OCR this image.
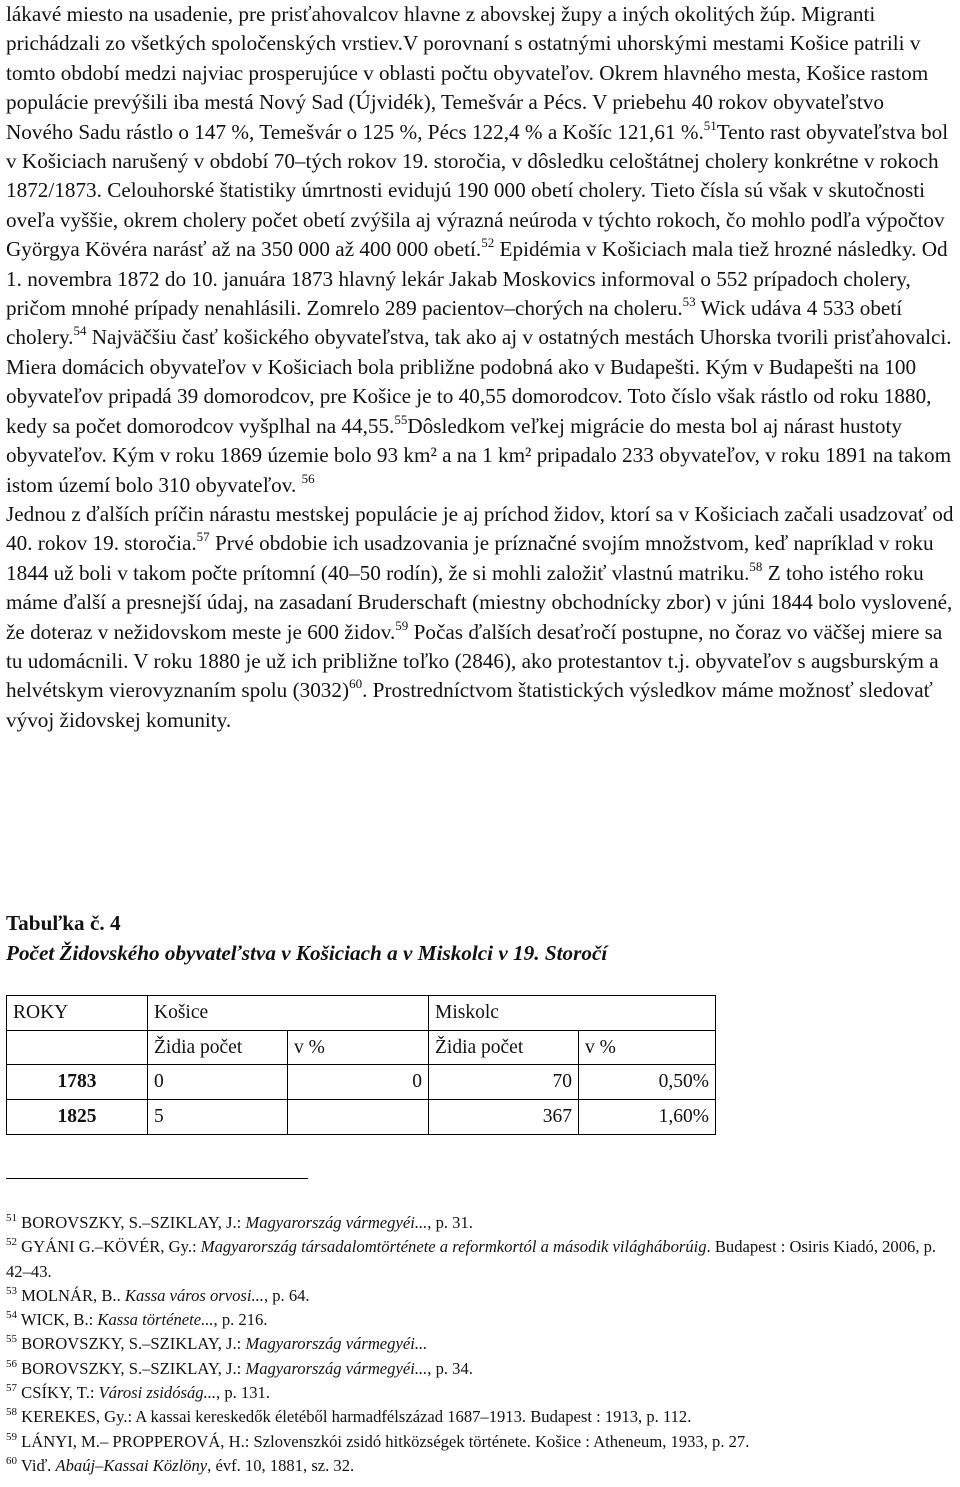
lákavé miesto na usadenie, pre prisťahovalcov hlavne z abovskej župy a iných okolitých žúp. Migranti prichádzali zo všetkých spoločenských vrstiev.V porovnaní s ostatnými uhorskými mestami Košice patrili v tomto období medzi najviac prosperujúce v oblasti počtu obyvateľov. Okrem hlavného mesta, Košice rastom populácie prevýšili iba mestá Nový Sad (Újvidék), Temešvár a Pécs. V priebehu 40 rokov obyvateľstvo Nového Sadu rástlo o 147 %, Temešvár o 125 %, Pécs 122,4 % a Košíc 121,61 %.$^{51}$Tento rast obyvateľstva bol v Košiciach narušený v období 70–tých rokov 19. storočia, v dôsledku celoštátnej cholery konkrétne v rokoch 1872/1873. Celouhorské štatistiky úmrtnosti evidujú 190 000 obetí cholery. Tieto čísla sú však v skutočnosti oveľa vyššie, okrem cholery počet obetí zvýšila aj výrazná neúroda v týchto rokoch, čo mohlo podľa výpočtov Györgya Kövéra narásť až na 350 000 až 400 000 obetí.$^{52}$ Epidémia v Košiciach mala tiež hrozné následky. Od 1. novembra 1872 do 10. januára 1873 hlavný lekár Jakab Moskovics informoval o 552 prípadoch cholery, pričom mnohé prípady nenahlásili. Zomrelo 289 pacientov–chorých na choleru.$^{53}$ Wick udáva 4 533 obetí cholery.$^{54}$ Najväčšiu časť košického obyvateľstva, tak ako aj v ostatných mestách Uhorska tvorili prisťahovalci. Miera domácich obyvateľov v Košiciach bola približne podobná ako v Budapešti. Kým v Budapešti na 100 obyvateľov pripadá 39 domorodcov, pre Košice je to 40,55 domorodcov. Toto číslo však rástlo od roku 1880, kedy sa počet domorodcov vyšplhal na 44,55.55Dôsledkom veľkej migrácie do mesta bol aj nárast hustoty obyvateľov. Kým v roku 1869 územie bolo 93 km² a na 1 km² pripadalo 233 obyvateľov, v roku 1891 na takom istom území bolo 310 obyvateľov. $^{56}$

Jednou z ďalších príčin nárastu mestskej populácie je aj príchod židov, ktorí sa v Košiciach začali usadzovať od 40. rokov 19. storočia.$^{57}$ Prvé obdobie ich usadzovania je príznačné svojím množstvom, keď napríklad v roku 1844 už boli v takom počte prítomní (40–50 rodín), že si mohli založiť vlastnú matriku.$^{58}$ Z toho istého roku máme ďalší a presnejší údaj, na zasadaní Bruderschaft (miestny obchodnícky zbor) v júni 1844 bolo vyslovené, že doteraz v nežidovskom meste je 600 židov.$^{59}$ Počas ďalších desaťročí postupne, no čoraz vo väčšej miere sa tu udomácnili. V roku 1880 je už ich približne toľko (2846), ako protestantov t.j. obyvateľov s augsburským a helvétskym vierovyznaním spolu $(3032)^{60}$. Prostredníctvom štatistických výsledkov máme možnosť sledovať vývoj židovskej komunity.

Tabuľka č. 4
Počet Židovského obyvateľstva v Košiciach a v Miskolci v 19. Storočí
ROKY	Košice		Miskolc	
	Židia počet	v %	Židia počet	v %
1783	0	0	70	0,50%
1825	5		367	1,60%

$^{51}$ BOROVSZKY, S.–SZIKLAY, J.: Magyarország vármegyéi..., p. 31.

$^{52}$ GYÁNI G.–KÖVÉR, Gy.: Magyarország társadalomtörténete a reformkortól a második világháborúig. Budapest : Osiris Kiadó, 2006, p. 42–43.

$^{53}$ MOLNÁR, B.. Kassa város orvosi..., p. 64.

$^{54}$ WICK, B.: Kassa története..., p. 216.

$^{55}$ BOROVSZKY, S.–SZIKLAY, J.: Magyarország vármegyéi...

$^{56}$ BOROVSZKY, S.–SZIKLAY, J.: Magyarország vármegyéi..., p. 34.

$^{57}$ CSÍKY, T.: Városi zsidóság..., p. 131.

$^{58}$ KEREKES, Gy.: A kassai kereskedők életéből harmadfélszázad 1687–1913. Budapest : 1913, p. 112.

$^{59}$ LÁNYI, M.– PROPPEROVÁ, H.: Szlovenszkói zsidó hitközségek története. Košice : Atheneum, 1933, p. 27.

$^{60}$ Viď. Abaúj–Kassai Közlöny, évf. 10, 1881, sz. 32.
